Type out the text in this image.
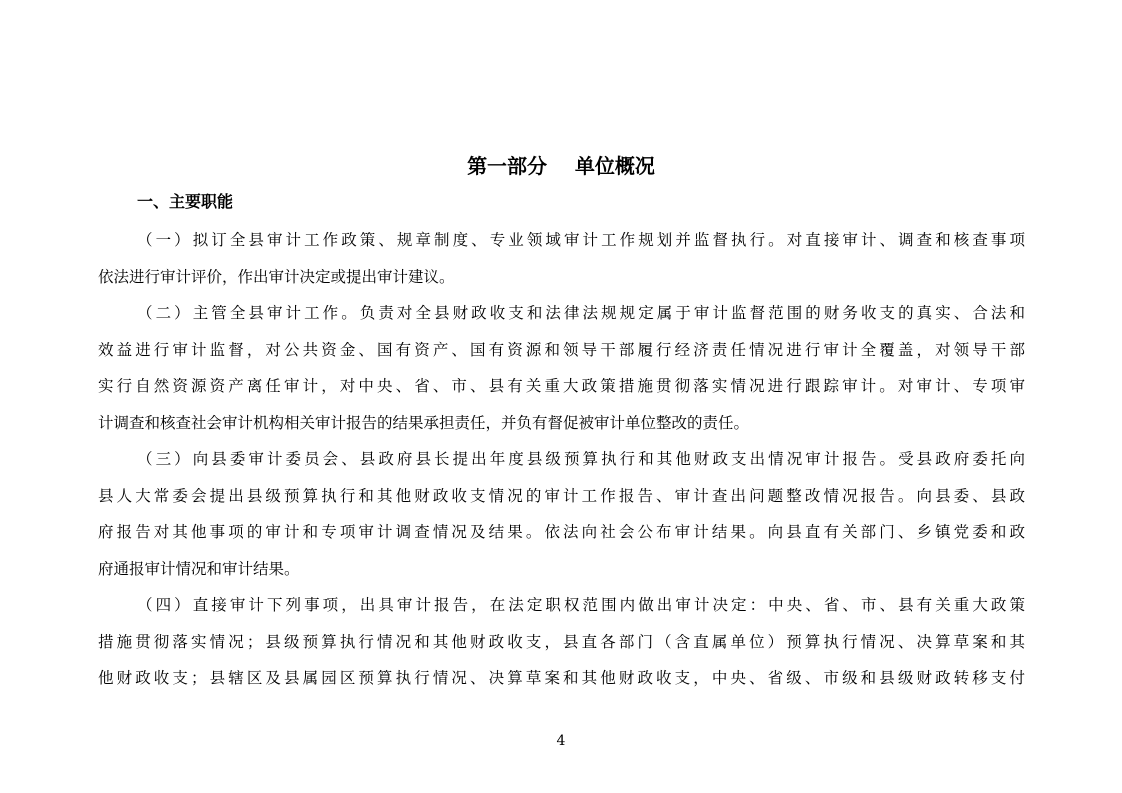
第一部分    单位概况
一、主要职能

（一）拟订全县审计工作政策、规章制度、专业领域审计工作规划并监督执行。对直接审计、调查和核查事项
依法进行审计评价，作出审计决定或提出审计建议。

（二）主管全县审计工作。负责对全县财政收支和法律法规规定属于审计监督范围的财务收支的真实、合法和
效益进行审计监督，对公共资金、国有资产、国有资源和领导干部履行经济责任情况进行审计全覆盖，对领导干部
实行自然资源资产离任审计，对中央、省、市、县有关重大政策措施贯彻落实情况进行跟踪审计。对审计、专项审
计调查和核查社会审计机构相关审计报告的结果承担责任，并负有督促被审计单位整改的责任。

（三）向县委审计委员会、县政府县长提出年度县级预算执行和其他财政支出情况审计报告。受县政府委托向
县人大常委会提出县级预算执行和其他财政收支情况的审计工作报告、审计查出问题整改情况报告。向县委、县政
府报告对其他事项的审计和专项审计调查情况及结果。依法向社会公布审计结果。向县直有关部门、乡镇党委和政
府通报审计情况和审计结果。

（四）直接审计下列事项，出具审计报告，在法定职权范围内做出审计决定：中央、省、市、县有关重大政策
措施贯彻落实情况；县级预算执行情况和其他财政收支，县直各部门（含直属单位）预算执行情况、决算草案和其
他财政收支；县辖区及县属园区预算执行情况、决算草案和其他财政收支，中央、省级、市级和县级财政转移支付

4
